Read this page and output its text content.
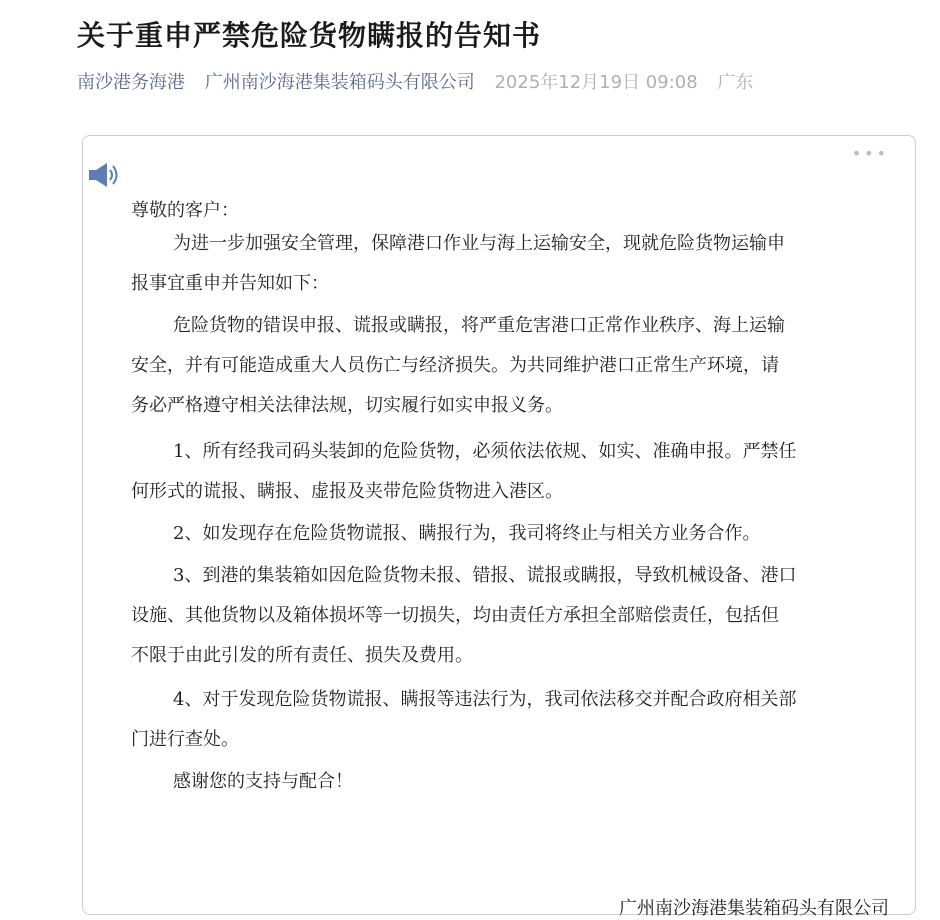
关于重申严禁危险货物瞒报的告知书
南沙港务海港 广州南沙海港集装箱码头有限公司 2025年12月19日 09:08 广东
•••

尊敬的客户：

为进一步加强安全管理，保障港口作业与海上运输安全，现就危险货物运输申
报事宜重申并告知如下：

危险货物的错误申报、谎报或瞒报，将严重危害港口正常作业秩序、海上运输
安全，并有可能造成重大人员伤亡与经济损失。为共同维护港口正常生产环境，请
务必严格遵守相关法律法规，切实履行如实申报义务。

1、所有经我司码头装卸的危险货物，必须依法依规、如实、准确申报。严禁任
何形式的谎报、瞒报、虚报及夹带危险货物进入港区。

2、如发现存在危险货物谎报、瞒报行为，我司将终止与相关方业务合作。

3、到港的集装箱如因危险货物未报、错报、谎报或瞒报，导致机械设备、港口
设施、其他货物以及箱体损坏等一切损失，均由责任方承担全部赔偿责任，包括但
不限于由此引发的所有责任、损失及费用。

4、对于发现危险货物谎报、瞒报等违法行为，我司依法移交并配合政府相关部
门进行查处。

感谢您的支持与配合！

广州南沙海港集装箱码头有限公司
